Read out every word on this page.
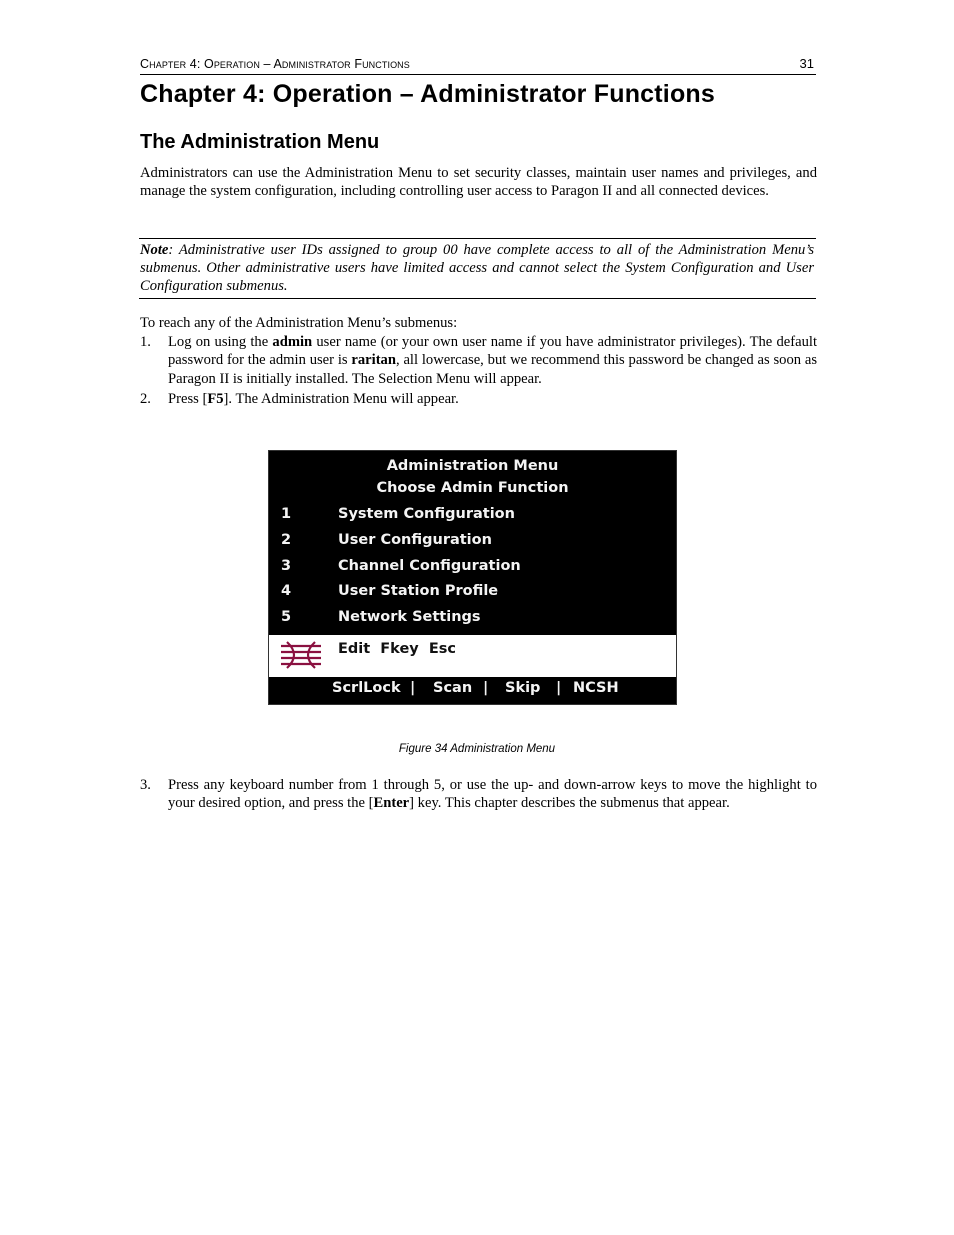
Chapter 4: Operation – Administrator Functions	31
Chapter 4: Operation – Administrator Functions
The Administration Menu

Administrators can use the Administration Menu to set security classes, maintain user names and privileges, and manage the system configuration, including controlling user access to Paragon II and all connected devices.

Note: Administrative user IDs assigned to group 00 have complete access to all of the Administration Menu’s submenus. Other administrative users have limited access and cannot select the System Configuration and User Configuration submenus.

To reach any of the Administration Menu’s submenus:

1. Log on using the admin user name (or your own user name if you have administrator privileges). The default password for the admin user is raritan, all lowercase, but we recommend this password be changed as soon as Paragon II is initially installed. The Selection Menu will appear.
2. Press [F5]. The Administration Menu will appear.
Administration Menu
Choose Admin Function
1	System Configuration
2	User Configuration
3	Channel Configuration
4	User Station Profile
5	Network Settings
Edit  Fkey  Esc
ScrlLock | Scan | Skip | NCSH
Figure 34 Administration Menu
3. Press any keyboard number from 1 through 5, or use the up- and down-arrow keys to move the highlight to your desired option, and press the [Enter] key. This chapter describes the submenus that appear.
